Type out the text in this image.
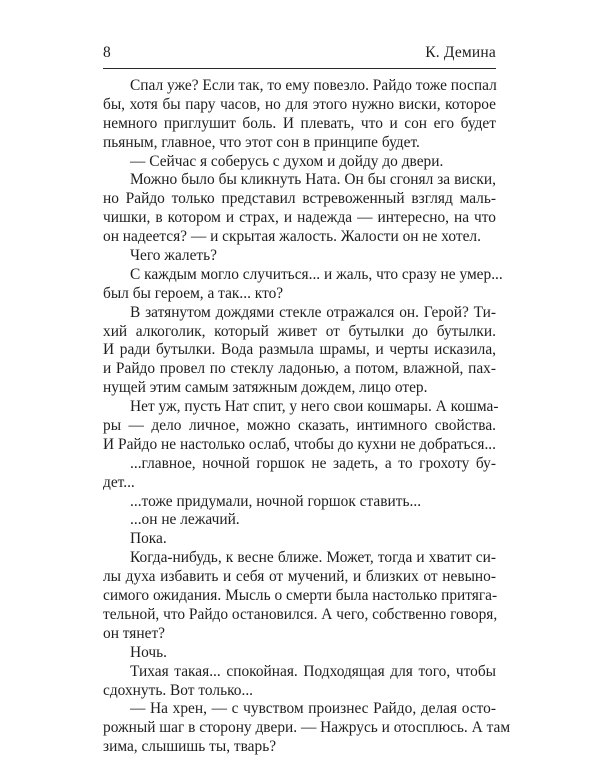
8	К. Демина
Спал уже? Если так, то ему повезло. Райдо тоже поспал
бы, хотя бы пару часов, но для этого нужно виски, которое
немного приглушит боль. И плевать, что и сон его будет
пьяным, главное, что этот сон в принципе будет.
— Сейчас я соберусь с духом и дойду до двери.
Можно было бы кликнуть Ната. Он бы сгонял за виски,
но Райдо только представил встревоженный взгляд маль-
чишки, в котором и страх, и надежда — интересно, на что
он надеется? — и скрытая жалость. Жалости он не хотел.
Чего жалеть?
С каждым могло случиться... и жаль, что сразу не умер...
был бы героем, а так... кто?
В затянутом дождями стекле отражался он. Герой? Ти-
хий алкоголик, который живет от бутылки до бутылки.
И ради бутылки. Вода размыла шрамы, и черты исказила,
и Райдо провел по стеклу ладонью, а потом, влажной, пах-
нущей этим самым затяжным дождем, лицо отер.
Нет уж, пусть Нат спит, у него свои кошмары. А кошма-
ры — дело личное, можно сказать, интимного свойства.
И Райдо не настолько ослаб, чтобы до кухни не добраться...
...главное, ночной горшок не задеть, а то грохоту бу-
дет...
...тоже придумали, ночной горшок ставить...
...он не лежачий.
Пока.
Когда-нибудь, к весне ближе. Может, тогда и хватит си-
лы духа избавить и себя от мучений, и близких от невыно-
симого ожидания. Мысль о смерти была настолько притяга-
тельной, что Райдо остановился. А чего, собственно говоря,
он тянет?
Ночь.
Тихая такая... спокойная. Подходящая для того, чтобы
сдохнуть. Вот только...
— На хрен, — с чувством произнес Райдо, делая осто-
рожный шаг в сторону двери. — Нажрусь и отосплюсь. А там
зима, слышишь ты, тварь?
